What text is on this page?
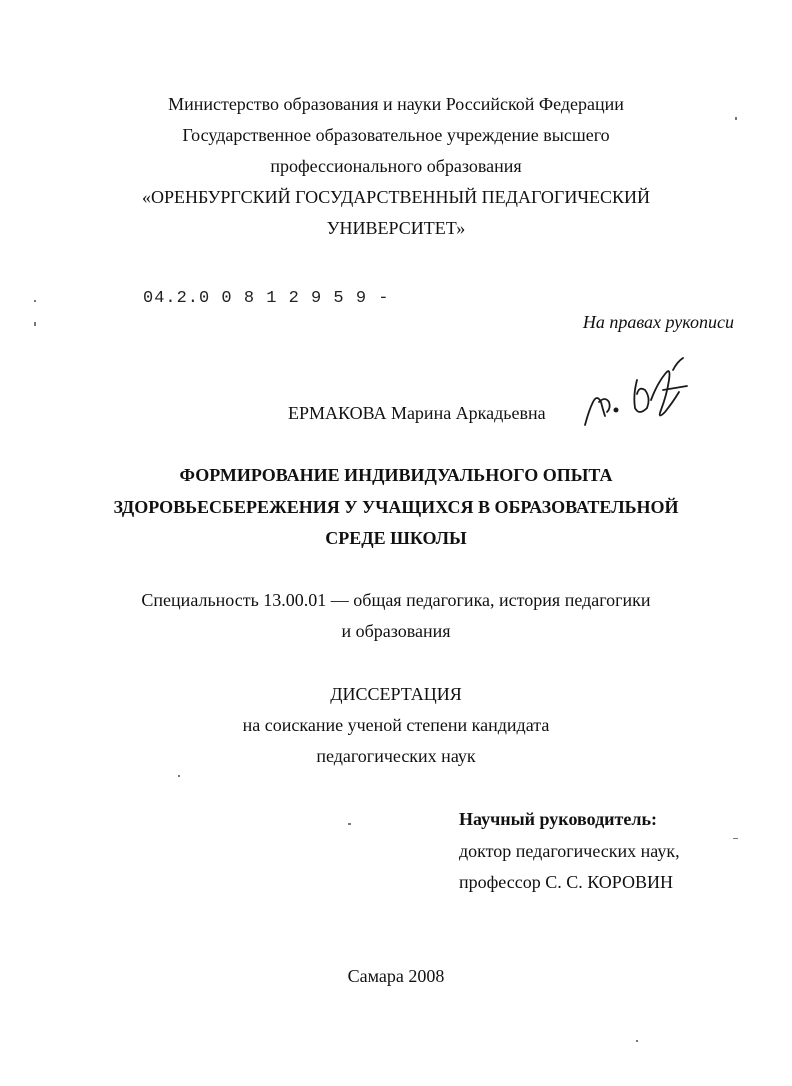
Министерство образования и науки Российской Федерации
Государственное образовательное учреждение высшего
профессионального образования
«ОРЕНБУРГСКИЙ ГОСУДАРСТВЕННЫЙ ПЕДАГОГИЧЕСКИЙ
УНИВЕРСИТЕТ»
04.2.0 0 8 1 2 9 5 9 -
На правах рукописи
ЕРМАКОВА Марина Аркадьевна
ФОРМИРОВАНИЕ ИНДИВИДУАЛЬНОГО ОПЫТА
ЗДОРОВЬЕСБЕРЕЖЕНИЯ У УЧАЩИХСЯ В ОБРАЗОВАТЕЛЬНОЙ
СРЕДЕ ШКОЛЫ
Специальность 13.00.01 — общая педагогика, история педагогики
и образования
ДИССЕРТАЦИЯ
на соискание ученой степени кандидата
педагогических наук
Научный руководитель:
доктор педагогических наук,
профессор С. С. КОРОВИН
Самара 2008
